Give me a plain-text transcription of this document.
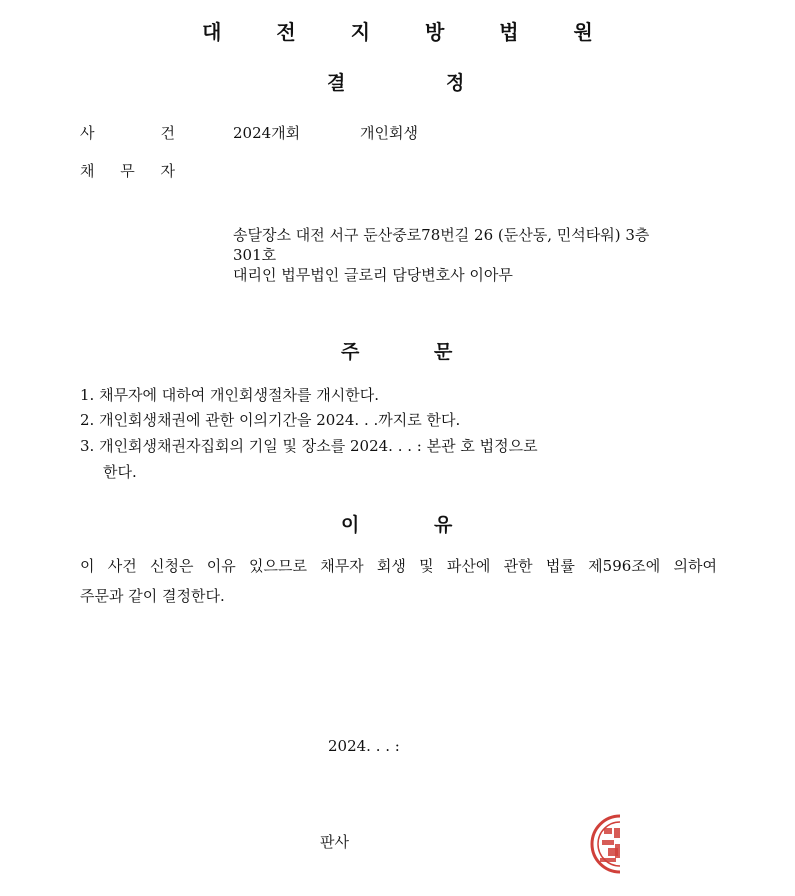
대 전 지 방 법 원
결	정
사 건	2024개회	개인회생
채 무 자
송달장소 대전 서구 둔산중로78번길 26 (둔산동, 민석타워) 3층
301호
대리인 법무법인 글로리 담당변호사 이아무
주	문
1. 채무자에 대하여 개인회생절차를 개시한다.
2. 개인회생채권에 관한 이의기간을 2024. . .까지로 한다.
3. 개인회생채권자집회의 기일 및 장소를 2024. . . : 본관 호 법정으로
한다.
이	유
이 사건 신청은 이유 있으므로 채무자 회생 및 파산에 관한 법률 제596조에 의하여
주문과 같이 결정한다.
2024. . . :
판사
